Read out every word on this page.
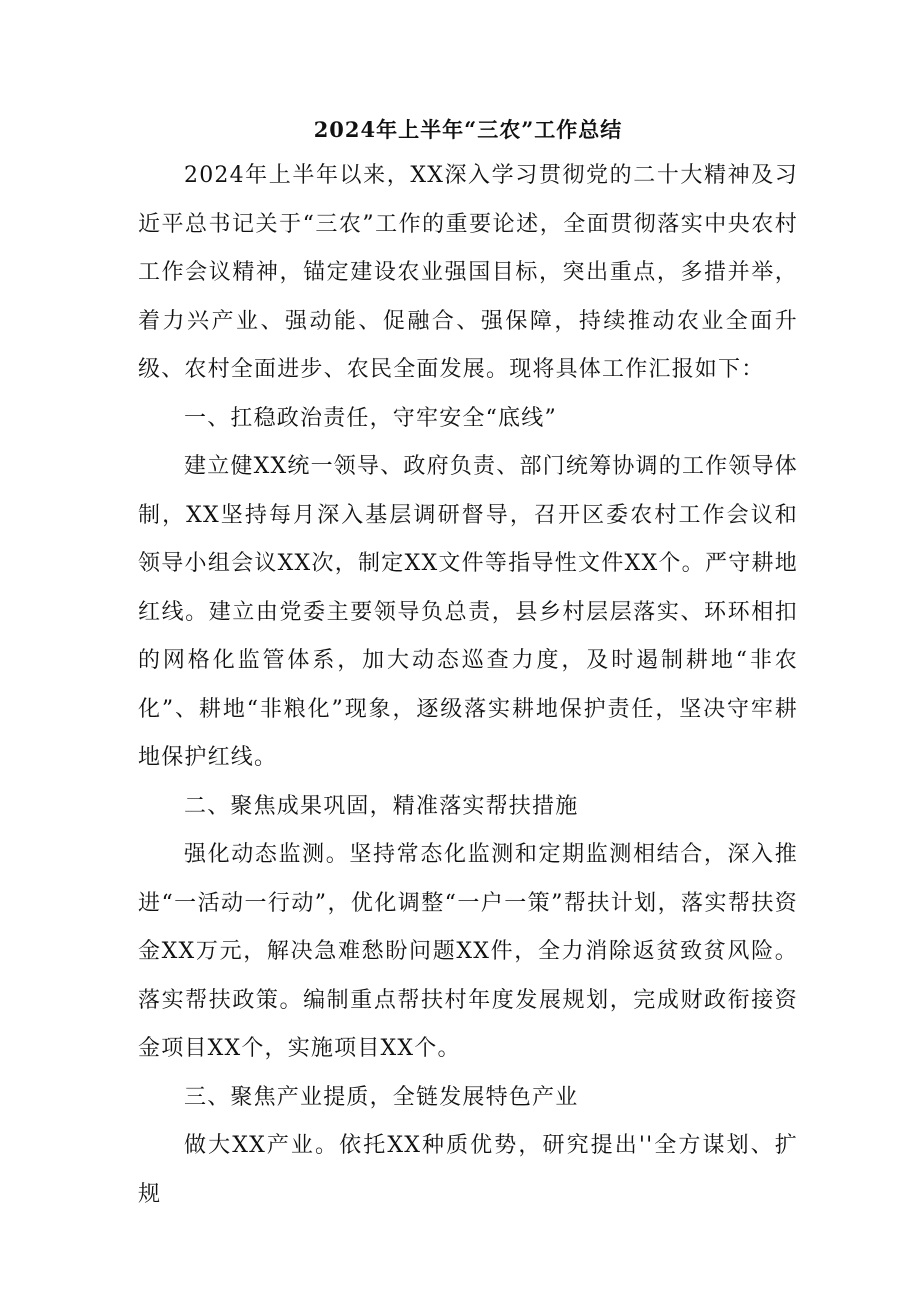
2024年上半年“三农”工作总结

2024年上半年以来，XX深入学习贯彻党的二十大精神及习近平总书记关于“三农”工作的重要论述，全面贯彻落实中央农村工作会议精神，锚定建设农业强国目标，突出重点，多措并举，着力兴产业、强动能、促融合、强保障，持续推动农业全面升级、农村全面进步、农民全面发展。现将具体工作汇报如下：

一、扛稳政治责任，守牢安全“底线”

建立健XX统一领导、政府负责、部门统筹协调的工作领导体制，XX坚持每月深入基层调研督导，召开区委农村工作会议和领导小组会议XX次，制定XX文件等指导性文件XX个。严守耕地红线。建立由党委主要领导负总责，县乡村层层落实、环环相扣的网格化监管体系，加大动态巡查力度，及时遏制耕地“非农化”、耕地“非粮化”现象，逐级落实耕地保护责任，坚决守牢耕地保护红线。

二、聚焦成果巩固，精准落实帮扶措施

强化动态监测。坚持常态化监测和定期监测相结合，深入推进“一活动一行动”，优化调整“一户一策”帮扶计划，落实帮扶资金XX万元，解决急难愁盼问题XX件，全力消除返贫致贫风险。落实帮扶政策。编制重点帮扶村年度发展规划，完成财政衔接资金项目XX个，实施项目XX个。

三、聚焦产业提质，全链发展特色产业

做大XX产业。依托XX种质优势，研究提出''全方谋划、扩规
